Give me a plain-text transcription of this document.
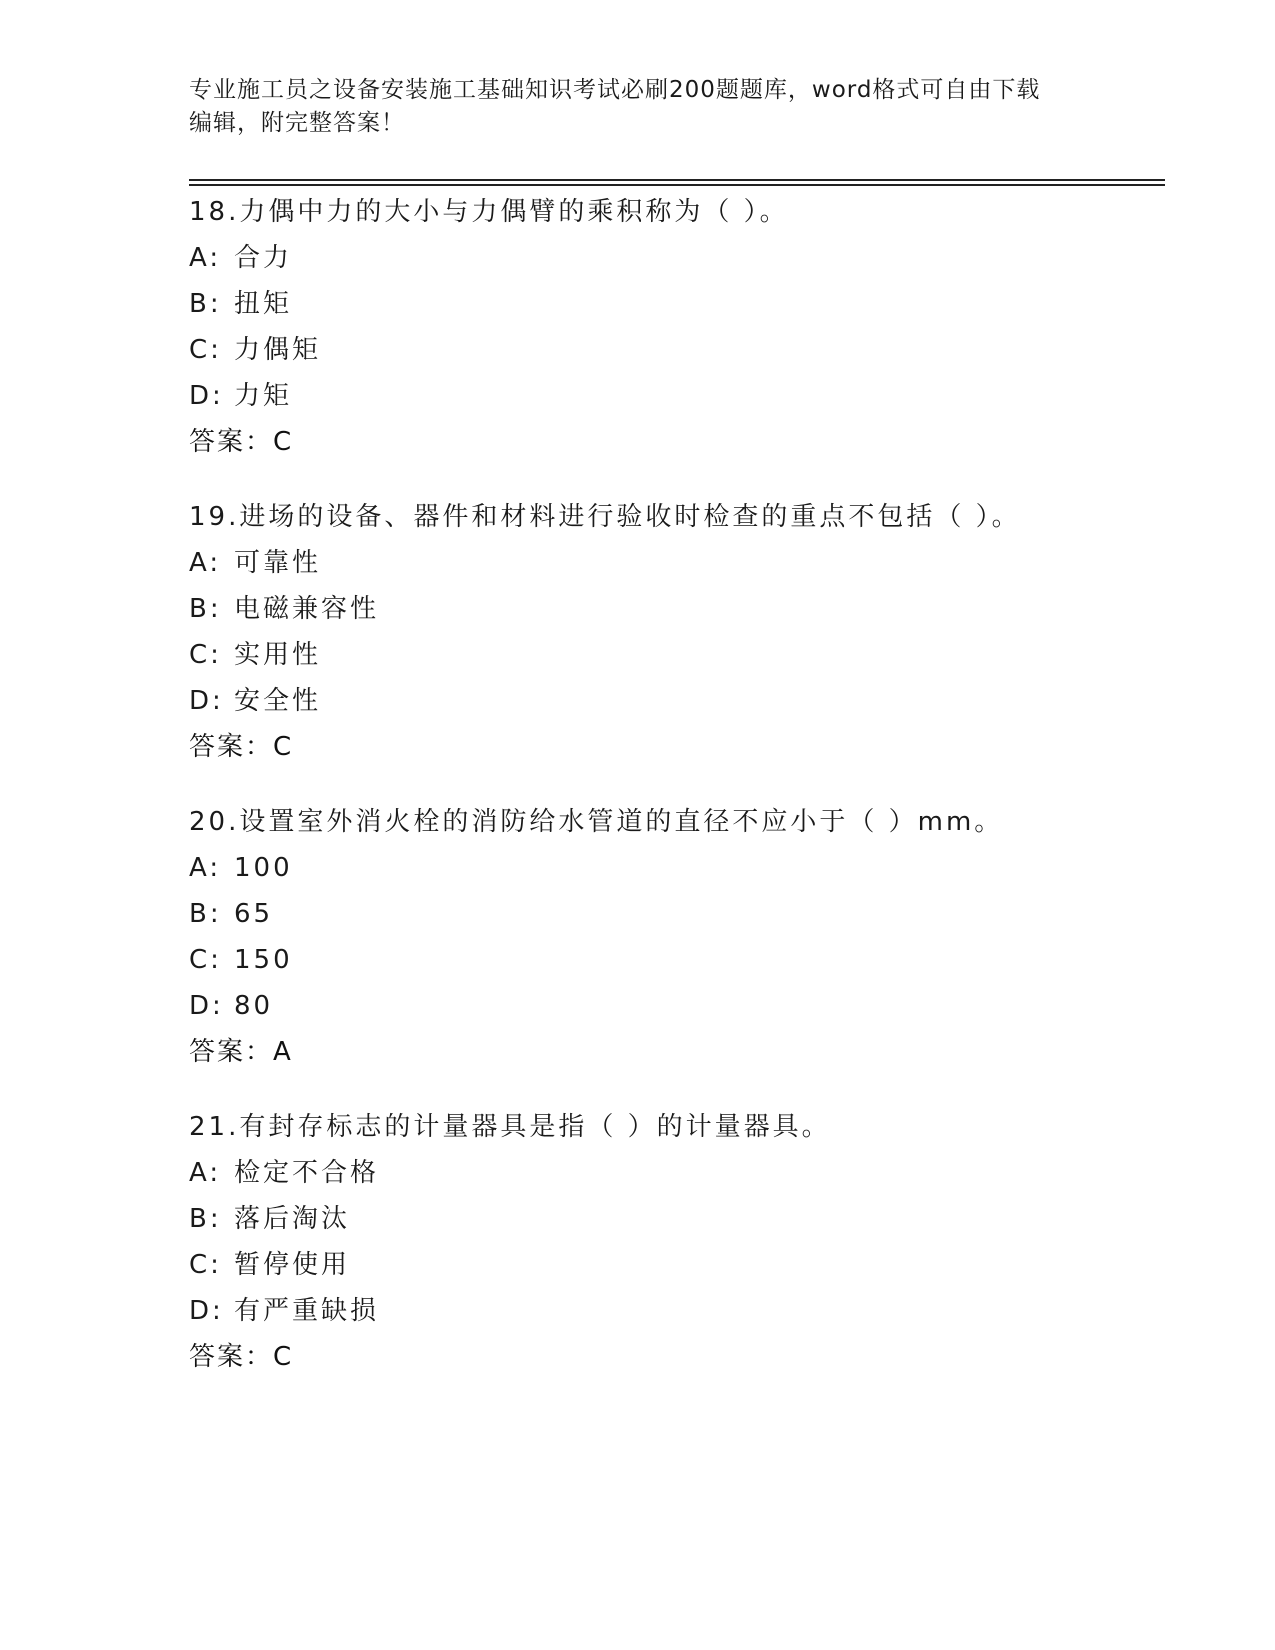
专业施工员之设备安装施工基础知识考试必刷200题题库，word格式可自由下载
编辑，附完整答案！
18.力偶中力的大小与力偶臂的乘积称为（ ）。
A: 合力
B: 扭矩
C: 力偶矩
D: 力矩
答案：C
19.进场的设备、器件和材料进行验收时检查的重点不包括（ ）。
A: 可靠性
B: 电磁兼容性
C: 实用性
D: 安全性
答案：C
20.设置室外消火栓的消防给水管道的直径不应小于（ ）mm。
A: 100
B: 65
C: 150
D: 80
答案：A
21.有封存标志的计量器具是指（ ）的计量器具。
A: 检定不合格
B: 落后淘汰
C: 暂停使用
D: 有严重缺损
答案：C
